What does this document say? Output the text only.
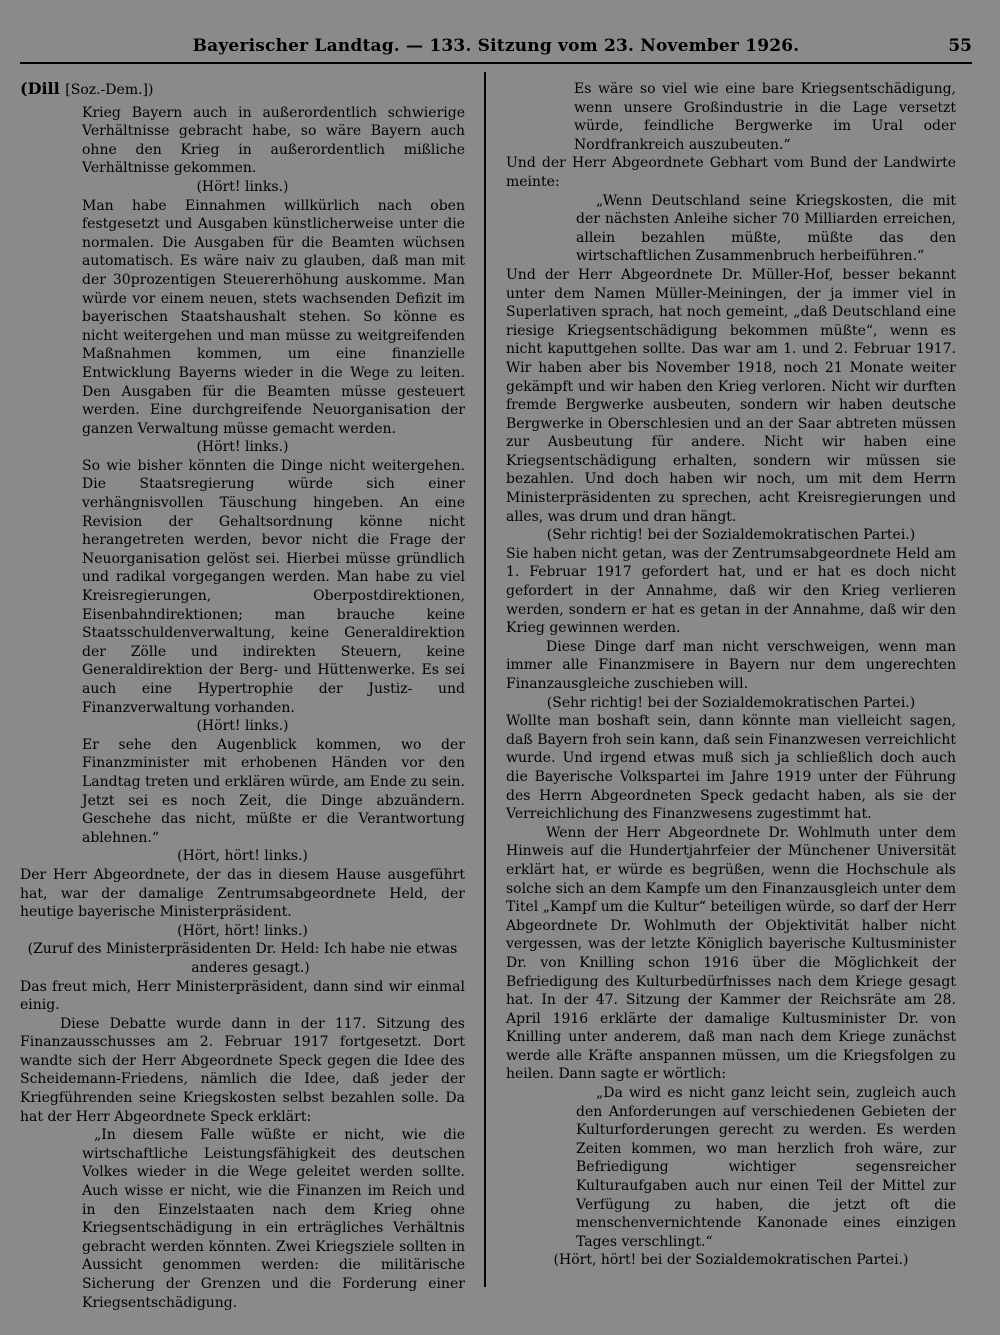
Bayerischer Landtag. — 133. Sitzung vom 23. November 1926.	55

(Dill [Soz.-Dem.])

Krieg Bayern auch in außerordentlich schwierige Verhältnisse gebracht habe, so wäre Bayern auch ohne den Krieg in außerordentlich mißliche Verhältnisse gekommen.

(Hört! links.)

Man habe Einnahmen willkürlich nach oben festgesetzt und Ausgaben künstlicherweise unter die normalen. Die Ausgaben für die Beamten wüchsen automatisch. Es wäre naiv zu glauben, daß man mit der 30prozentigen Steuererhöhung auskomme. Man würde vor einem neuen, stets wachsenden Defizit im bayerischen Staatshaushalt stehen. So könne es nicht weitergehen und man müsse zu weitgreifenden Maßnahmen kommen, um eine finanzielle Entwicklung Bayerns wieder in die Wege zu leiten. Den Ausgaben für die Beamten müsse gesteuert werden. Eine durchgreifende Neuorganisation der ganzen Verwaltung müsse gemacht werden.

(Hört! links.)

So wie bisher könnten die Dinge nicht weitergehen. Die Staatsregierung würde sich einer verhängnisvollen Täuschung hingeben. An eine Revision der Gehaltsordnung könne nicht herangetreten werden, bevor nicht die Frage der Neuorganisation gelöst sei. Hierbei müsse gründlich und radikal vorgegangen werden. Man habe zu viel Kreisregierungen, Oberpostdirektionen, Eisenbahndirektionen; man brauche keine Staatsschuldenverwaltung, keine Generaldirektion der Zölle und indirekten Steuern, keine Generaldirektion der Berg- und Hüttenwerke. Es sei auch eine Hypertrophie der Justiz- und Finanzverwaltung vorhanden.

(Hört! links.)

Er sehe den Augenblick kommen, wo der Finanzminister mit erhobenen Händen vor den Landtag treten und erklären würde, am Ende zu sein. Jetzt sei es noch Zeit, die Dinge abzuändern. Geschehe das nicht, müßte er die Verantwortung ablehnen.“

(Hört, hört! links.)

Der Herr Abgeordnete, der das in diesem Hause ausgeführt hat, war der damalige Zentrumsabgeordnete Held, der heutige bayerische Ministerpräsident.

(Hört, hört! links.)

(Zuruf des Ministerpräsidenten Dr. Held: Ich habe nie etwas anderes gesagt.)

Das freut mich, Herr Ministerpräsident, dann sind wir einmal einig.

Diese Debatte wurde dann in der 117. Sitzung des Finanzausschusses am 2. Februar 1917 fortgesetzt. Dort wandte sich der Herr Abgeordnete Speck gegen die Idee des Scheidemann-Friedens, nämlich die Idee, daß jeder der Kriegführenden seine Kriegskosten selbst bezahlen solle. Da hat der Herr Abgeordnete Speck erklärt:

„In diesem Falle wüßte er nicht, wie die wirtschaftliche Leistungsfähigkeit des deutschen Volkes wieder in die Wege geleitet werden sollte. Auch wisse er nicht, wie die Finanzen im Reich und in den Einzelstaaten nach dem Krieg ohne Kriegsentschädigung in ein erträgliches Verhältnis gebracht werden könnten. Zwei Kriegsziele sollten in Aussicht genommen werden: die militärische Sicherung der Grenzen und die Forderung einer Kriegsentschädigung.

Es wäre so viel wie eine bare Kriegsentschädigung, wenn unsere Großindustrie in die Lage versetzt würde, feindliche Bergwerke im Ural oder Nordfrankreich auszubeuten.“

Und der Herr Abgeordnete Gebhart vom Bund der Landwirte meinte:

„Wenn Deutschland seine Kriegskosten, die mit der nächsten Anleihe sicher 70 Milliarden erreichen, allein bezahlen müßte, müßte das den wirtschaftlichen Zusammenbruch herbeiführen.“

Und der Herr Abgeordnete Dr. Müller-Hof, besser bekannt unter dem Namen Müller-Meiningen, der ja immer viel in Superlativen sprach, hat noch gemeint, „daß Deutschland eine riesige Kriegsentschädigung bekommen müßte“, wenn es nicht kaputtgehen sollte. Das war am 1. und 2. Februar 1917. Wir haben aber bis November 1918, noch 21 Monate weiter gekämpft und wir haben den Krieg verloren. Nicht wir durften fremde Bergwerke ausbeuten, sondern wir haben deutsche Bergwerke in Oberschlesien und an der Saar abtreten müssen zur Ausbeutung für andere. Nicht wir haben eine Kriegsentschädigung erhalten, sondern wir müssen sie bezahlen. Und doch haben wir noch, um mit dem Herrn Ministerpräsidenten zu sprechen, acht Kreisregierungen und alles, was drum und dran hängt.

(Sehr richtig! bei der Sozialdemokratischen Partei.)

Sie haben nicht getan, was der Zentrumsabgeordnete Held am 1. Februar 1917 gefordert hat, und er hat es doch nicht gefordert in der Annahme, daß wir den Krieg verlieren werden, sondern er hat es getan in der Annahme, daß wir den Krieg gewinnen werden.

Diese Dinge darf man nicht verschweigen, wenn man immer alle Finanzmisere in Bayern nur dem ungerechten Finanzausgleiche zuschieben will.

(Sehr richtig! bei der Sozialdemokratischen Partei.)

Wollte man boshaft sein, dann könnte man vielleicht sagen, daß Bayern froh sein kann, daß sein Finanzwesen verreichlicht wurde. Und irgend etwas muß sich ja schließlich doch auch die Bayerische Volkspartei im Jahre 1919 unter der Führung des Herrn Abgeordneten Speck gedacht haben, als sie der Verreichlichung des Finanzwesens zugestimmt hat.

Wenn der Herr Abgeordnete Dr. Wohlmuth unter dem Hinweis auf die Hundertjahrfeier der Münchener Universität erklärt hat, er würde es begrüßen, wenn die Hochschule als solche sich an dem Kampfe um den Finanzausgleich unter dem Titel „Kampf um die Kultur“ beteiligen würde, so darf der Herr Abgeordnete Dr. Wohlmuth der Objektivität halber nicht vergessen, was der letzte Königlich bayerische Kultusminister Dr. von Knilling schon 1916 über die Möglichkeit der Befriedigung des Kulturbedürfnisses nach dem Kriege gesagt hat. In der 47. Sitzung der Kammer der Reichsräte am 28. April 1916 erklärte der damalige Kultusminister Dr. von Knilling unter anderem, daß man nach dem Kriege zunächst werde alle Kräfte anspannen müssen, um die Kriegsfolgen zu heilen. Dann sagte er wörtlich:

„Da wird es nicht ganz leicht sein, zugleich auch den Anforderungen auf verschiedenen Gebieten der Kulturforderungen gerecht zu werden. Es werden Zeiten kommen, wo man herzlich froh wäre, zur Befriedigung wichtiger segensreicher Kulturaufgaben auch nur einen Teil der Mittel zur Verfügung zu haben, die jetzt oft die menschenvernichtende Kanonade eines einzigen Tages verschlingt.“

(Hört, hört! bei der Sozialdemokratischen Partei.)
